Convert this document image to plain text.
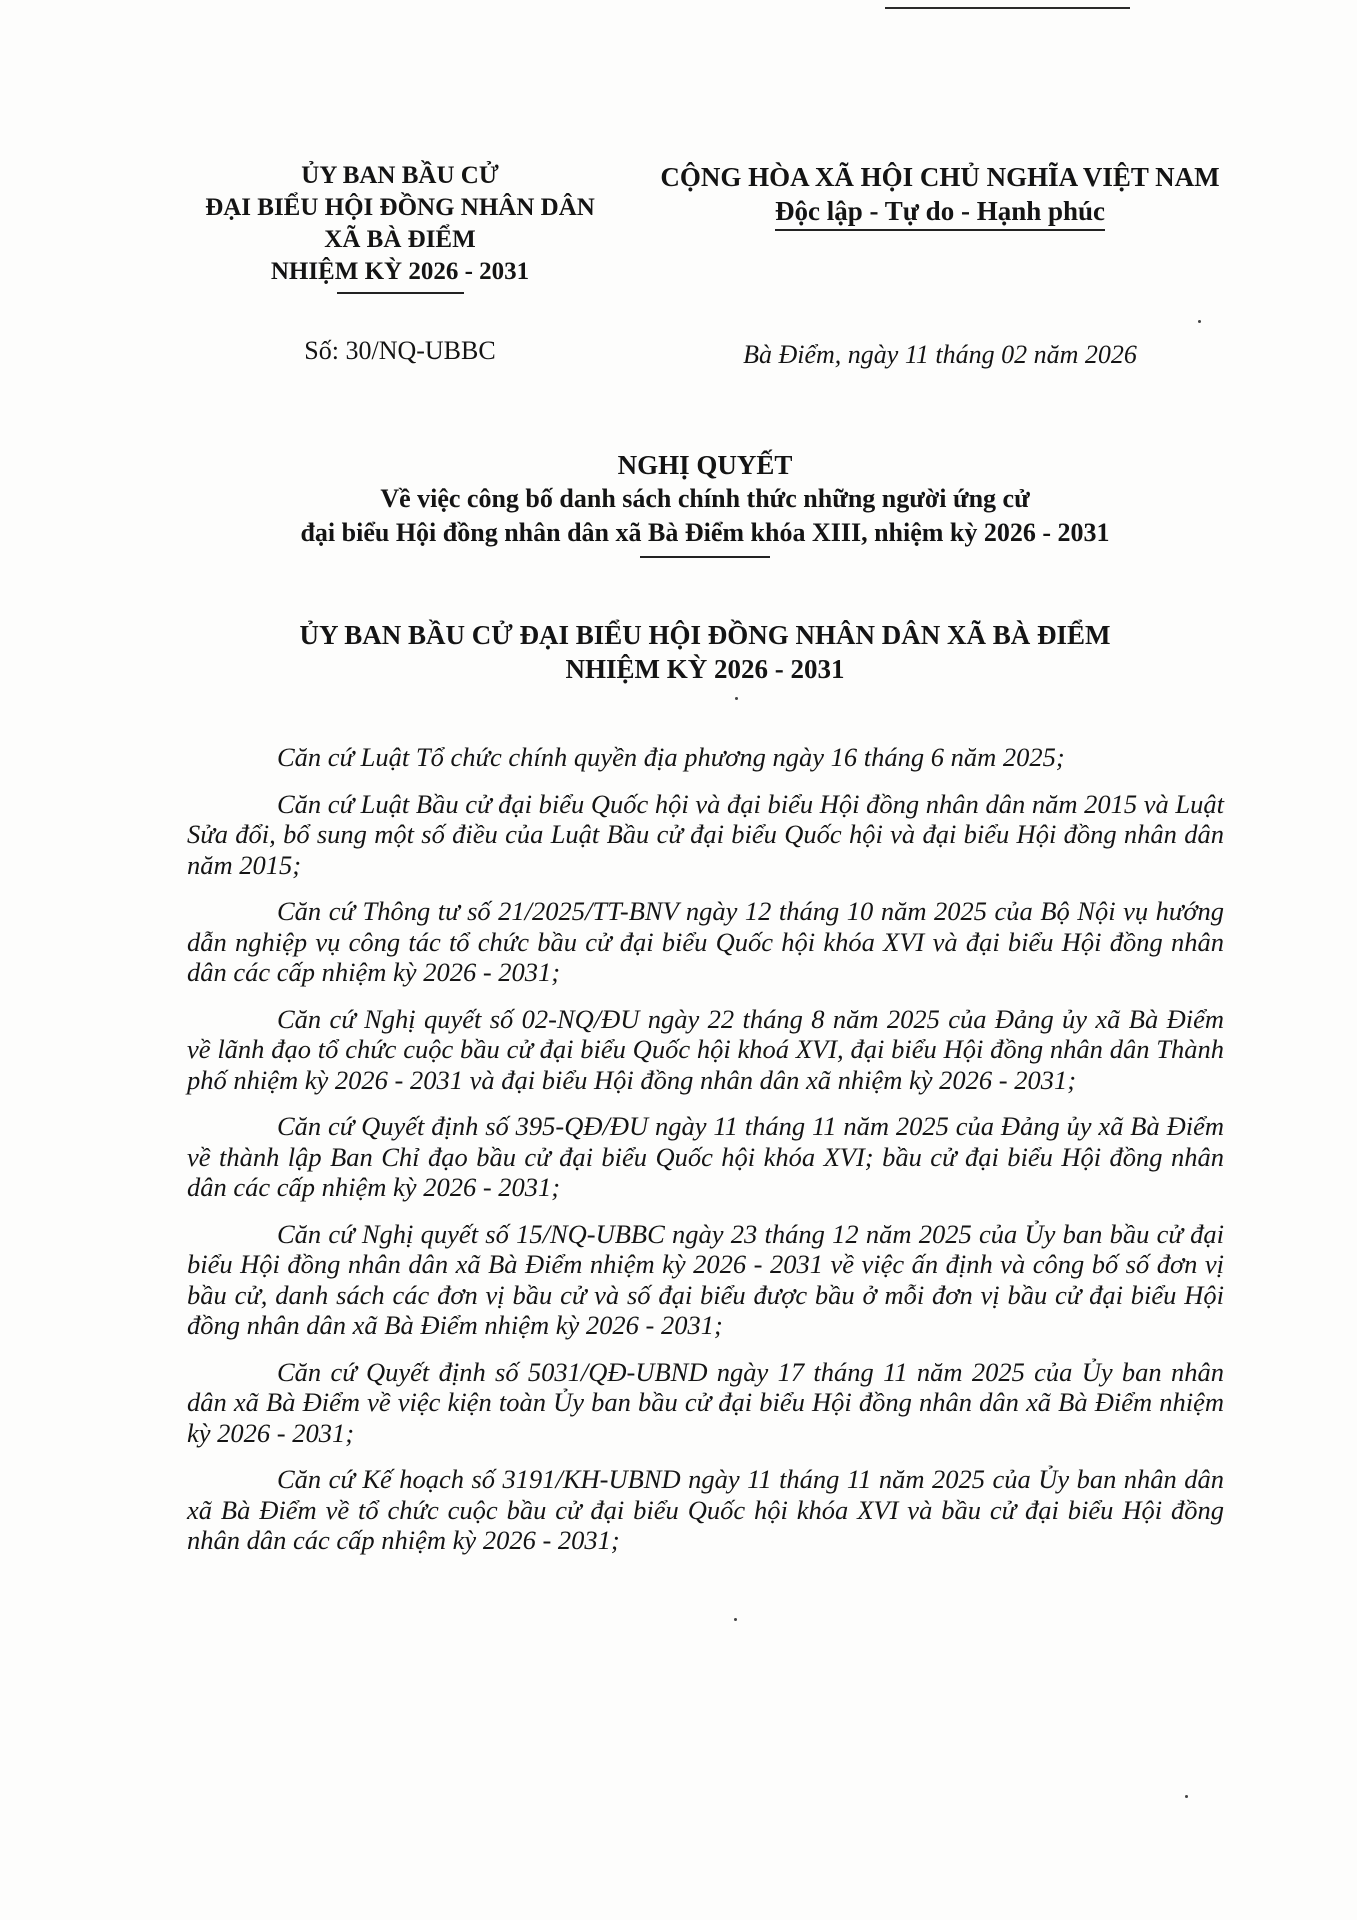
ỦY BAN BẦU CỬ
ĐẠI BIỂU HỘI ĐỒNG NHÂN DÂN
XÃ BÀ ĐIỂM
NHIỆM KỲ 2026 - 2031
CỘNG HÒA XÃ HỘI CHỦ NGHĨA VIỆT NAM
Độc lập - Tự do - Hạnh phúc
Số: 30/NQ-UBBC	Bà Điểm, ngày 11 tháng 02 năm 2026
NGHỊ QUYẾT
Về việc công bố danh sách chính thức những người ứng cử
đại biểu Hội đồng nhân dân xã Bà Điểm khóa XIII, nhiệm kỳ 2026 - 2031
ỦY BAN BẦU CỬ ĐẠI BIỂU HỘI ĐỒNG NHÂN DÂN XÃ BÀ ĐIỂM
NHIỆM KỲ 2026 - 2031

Căn cứ Luật Tổ chức chính quyền địa phương ngày 16 tháng 6 năm 2025;

Căn cứ Luật Bầu cử đại biểu Quốc hội và đại biểu Hội đồng nhân dân năm 2015 và Luật Sửa đổi, bổ sung một số điều của Luật Bầu cử đại biểu Quốc hội và đại biểu Hội đồng nhân dân năm 2015;

Căn cứ Thông tư số 21/2025/TT-BNV ngày 12 tháng 10 năm 2025 của Bộ Nội vụ hướng dẫn nghiệp vụ công tác tổ chức bầu cử đại biểu Quốc hội khóa XVI và đại biểu Hội đồng nhân dân các cấp nhiệm kỳ 2026 - 2031;

Căn cứ Nghị quyết số 02-NQ/ĐU ngày 22 tháng 8 năm 2025 của Đảng ủy xã Bà Điểm về lãnh đạo tổ chức cuộc bầu cử đại biểu Quốc hội khoá XVI, đại biểu Hội đồng nhân dân Thành phố nhiệm kỳ 2026 - 2031 và đại biểu Hội đồng nhân dân xã nhiệm kỳ 2026 - 2031;

Căn cứ Quyết định số 395-QĐ/ĐU ngày 11 tháng 11 năm 2025 của Đảng ủy xã Bà Điểm về thành lập Ban Chỉ đạo bầu cử đại biểu Quốc hội khóa XVI; bầu cử đại biểu Hội đồng nhân dân các cấp nhiệm kỳ 2026 - 2031;

Căn cứ Nghị quyết số 15/NQ-UBBC ngày 23 tháng 12 năm 2025 của Ủy ban bầu cử đại biểu Hội đồng nhân dân xã Bà Điểm nhiệm kỳ 2026 - 2031 về việc ấn định và công bố số đơn vị bầu cử, danh sách các đơn vị bầu cử và số đại biểu được bầu ở mỗi đơn vị bầu cử đại biểu Hội đồng nhân dân xã Bà Điểm nhiệm kỳ 2026 - 2031;

Căn cứ Quyết định số 5031/QĐ-UBND ngày 17 tháng 11 năm 2025 của Ủy ban nhân dân xã Bà Điểm về việc kiện toàn Ủy ban bầu cử đại biểu Hội đồng nhân dân xã Bà Điểm nhiệm kỳ 2026 - 2031;

Căn cứ Kế hoạch số 3191/KH-UBND ngày 11 tháng 11 năm 2025 của Ủy ban nhân dân xã Bà Điểm về tổ chức cuộc bầu cử đại biểu Quốc hội khóa XVI và bầu cử đại biểu Hội đồng nhân dân các cấp nhiệm kỳ 2026 - 2031;
